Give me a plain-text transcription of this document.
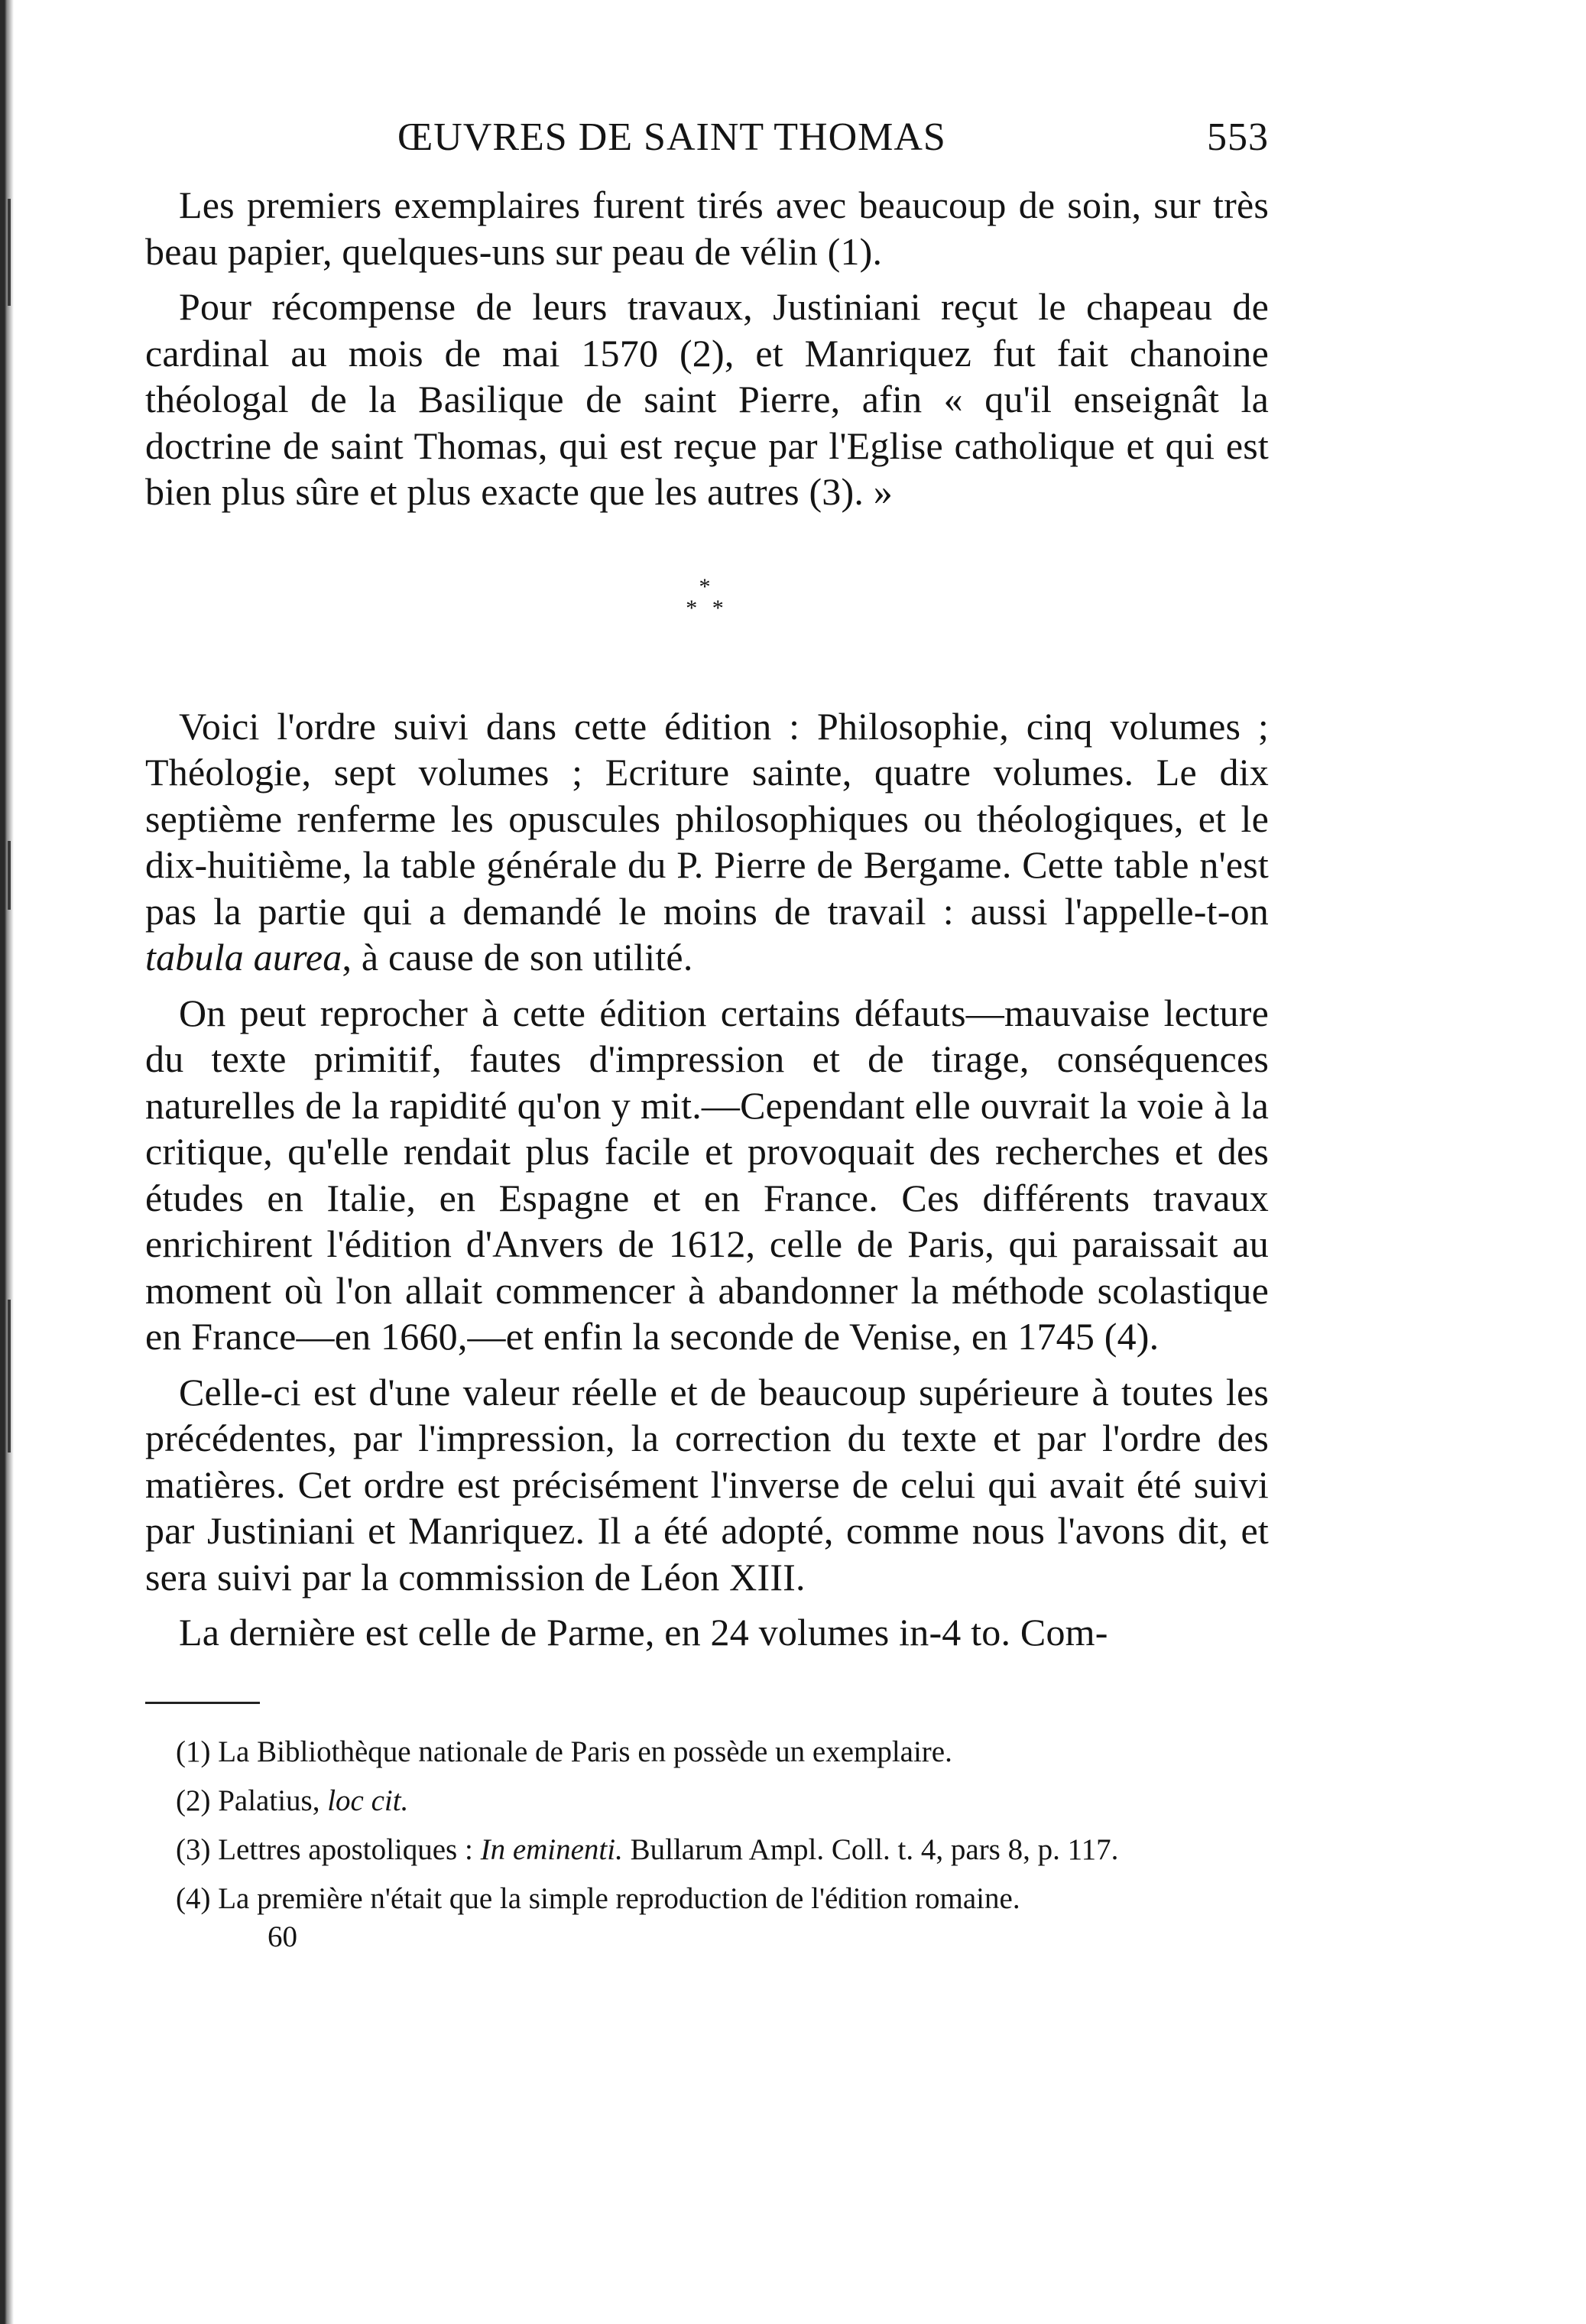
ŒUVRES DE SAINT THOMAS	553

Les premiers exemplaires furent tirés avec beaucoup de soin, sur très beau papier, quelques-uns sur peau de vélin (1).

Pour récompense de leurs travaux, Justiniani reçut le chapeau de cardinal au mois de mai 1570 (2), et Manriquez fut fait chanoine théologal de la Basilique de saint Pierre, afin « qu'il enseignât la doctrine de saint Thomas, qui est reçue par l'Eglise catholique et qui est bien plus sûre et plus exacte que les autres (3). »

*
* *

Voici l'ordre suivi dans cette édition : Philosophie, cinq volumes ; Théologie, sept volumes ; Ecriture sainte, quatre volumes. Le dix septième renferme les opuscules philosophiques ou théologiques, et le dix-huitième, la table générale du P. Pierre de Bergame. Cette table n'est pas la partie qui a demandé le moins de travail : aussi l'appelle-t-on tabula aurea, à cause de son utilité.

On peut reprocher à cette édition certains défauts—mauvaise lecture du texte primitif, fautes d'impression et de tirage, conséquences naturelles de la rapidité qu'on y mit.—Cependant elle ouvrait la voie à la critique, qu'elle rendait plus facile et provoquait des recherches et des études en Italie, en Espagne et en France. Ces différents travaux enrichirent l'édition d'Anvers de 1612, celle de Paris, qui paraissait au moment où l'on allait commencer à abandonner la méthode scolastique en France—en 1660,—et enfin la seconde de Venise, en 1745 (4).

Celle-ci est d'une valeur réelle et de beaucoup supérieure à toutes les précédentes, par l'impression, la correction du texte et par l'ordre des matières. Cet ordre est précisément l'inverse de celui qui avait été suivi par Justiniani et Manriquez. Il a été adopté, comme nous l'avons dit, et sera suivi par la commission de Léon XIII.

La dernière est celle de Parme, en 24 volumes in-4 to. Com-

(1) La Bibliothèque nationale de Paris en possède un exemplaire.

(2) Palatius, loc cit.

(3) Lettres apostoliques : In eminenti. Bullarum Ampl. Coll. t. 4, pars 8, p. 117.

(4) La première n'était que la simple reproduction de l'édition romaine.

60
